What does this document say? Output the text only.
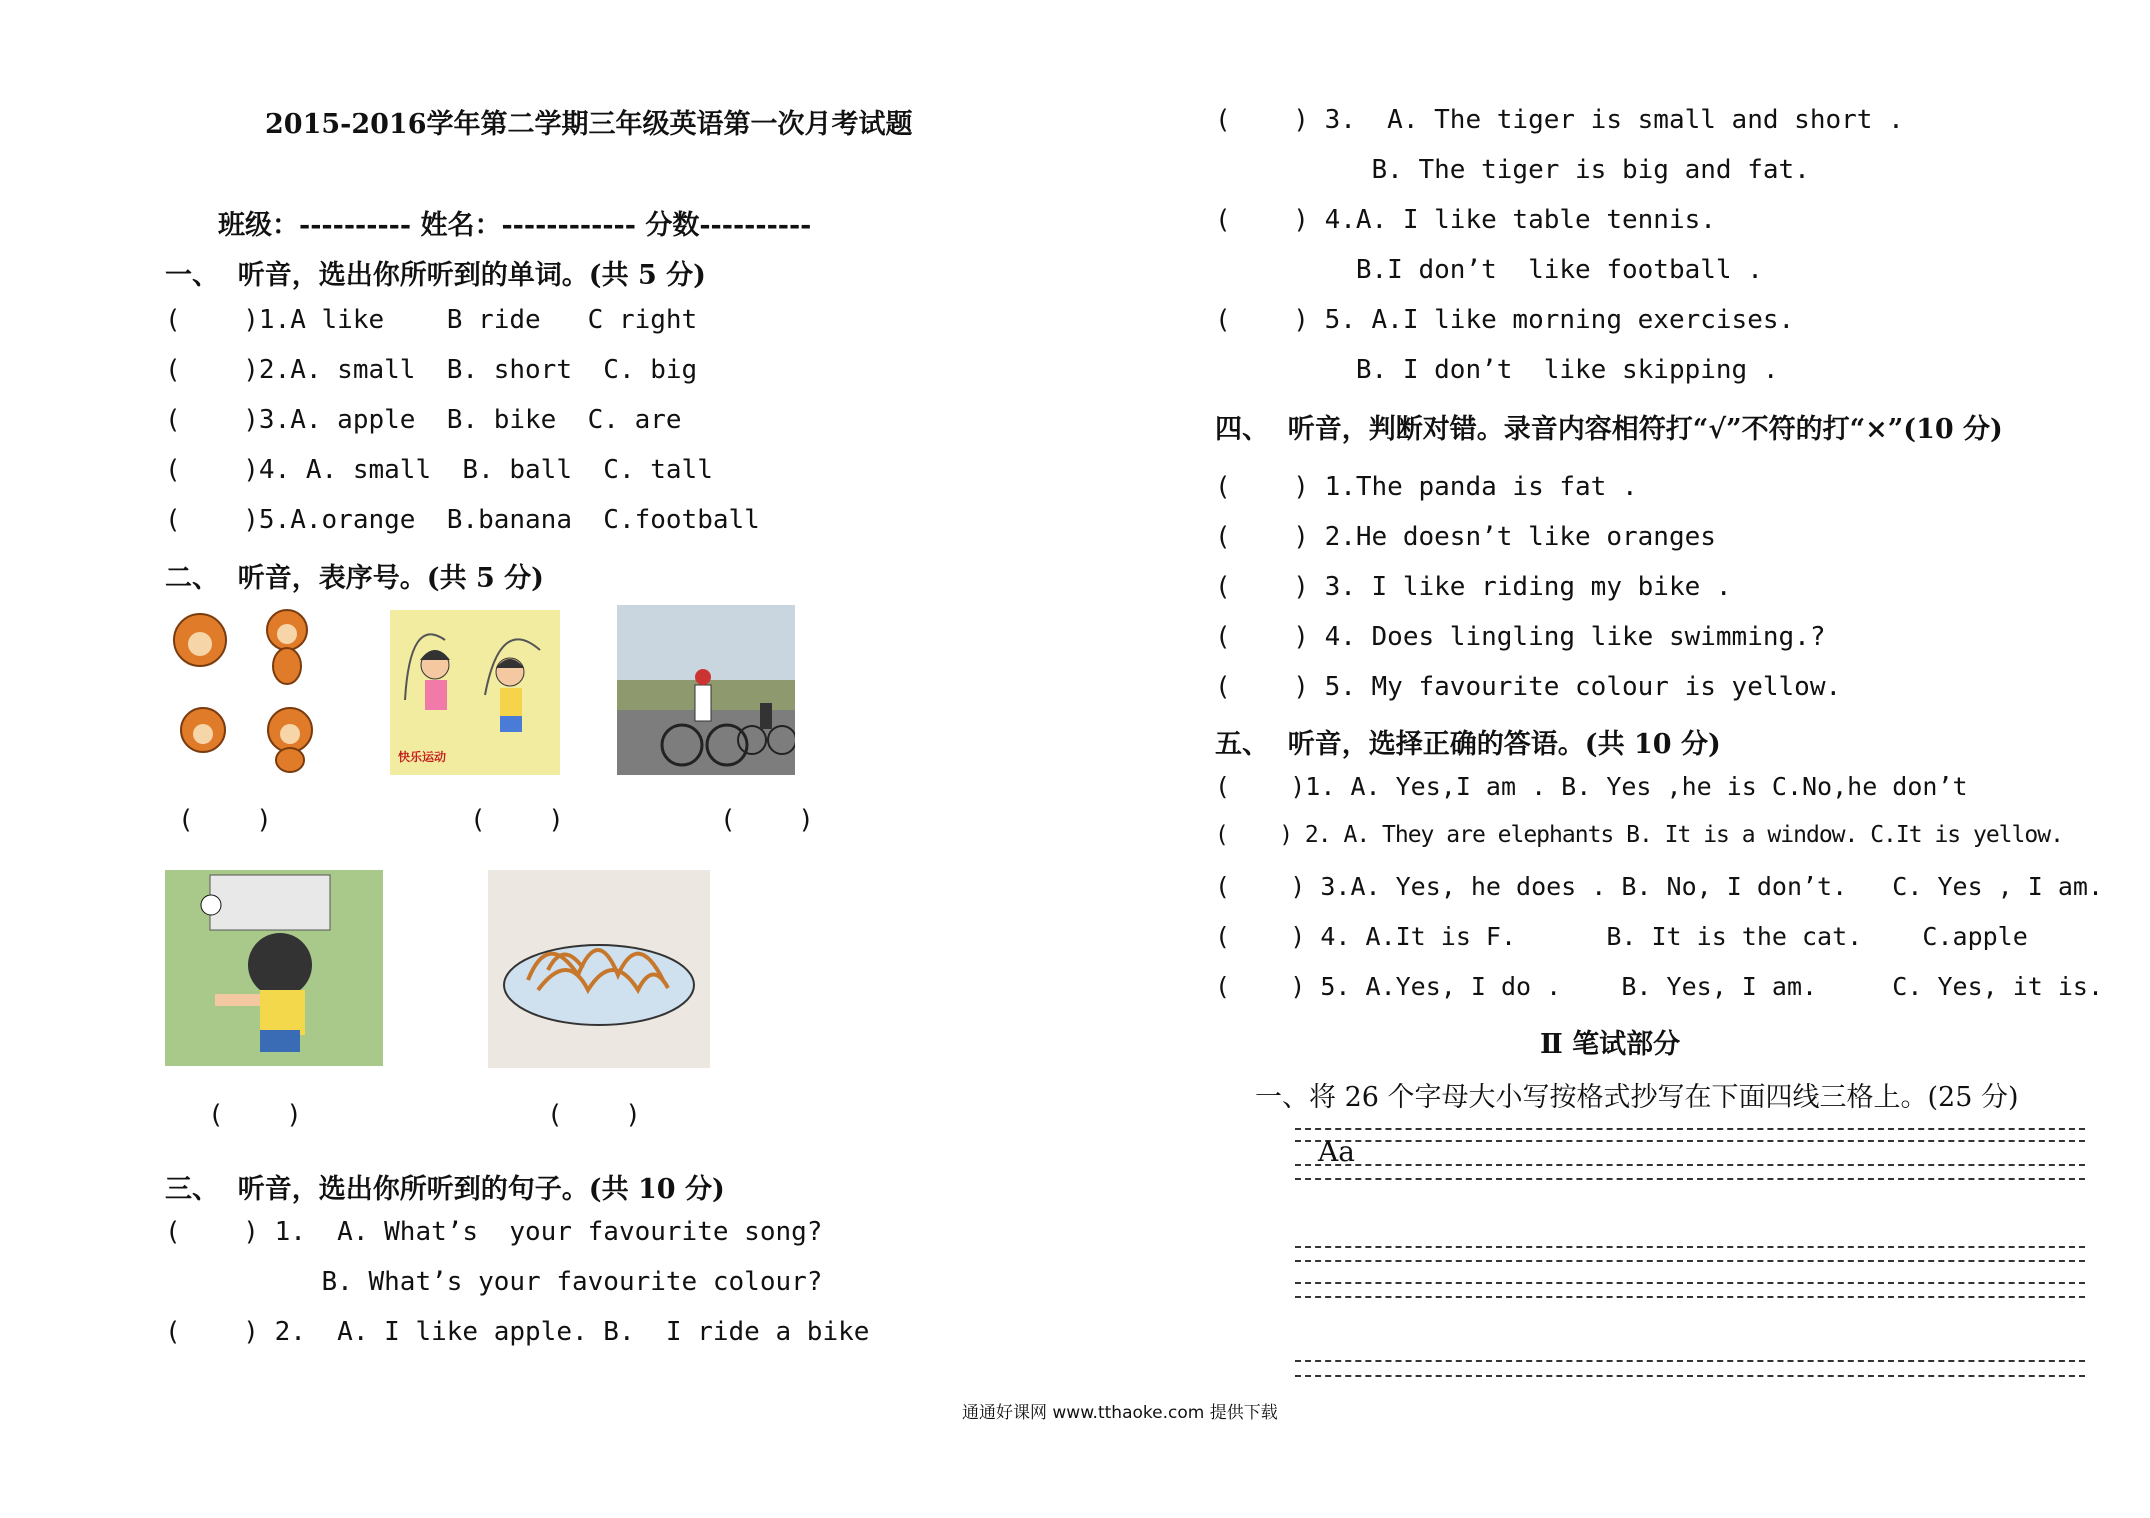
2015-2016学年第二学期三年级英语第一次月考试题
班级：---------- 姓名：------------ 分数----------
一、  听音，选出你所听到的单词。(共 5 分)
(    )1.A like    B ride   C right
(    )2.A. small  B. short  C. big
(    )3.A. apple  B. bike  C. are
(    )4. A. small  B. ball  C. tall
(    )5.A.orange  B.banana  C.football
二、  听音，表序号。(共 5 分)
快乐运动
(    )	(    )	(    )
(    )	(    )
三、  听音，选出你所听到的句子。(共 10 分)
(    ) 1.  A. What’s  your favourite song?
B. What’s your favourite colour?
(    ) 2.  A. I like apple. B.  I ride a bike
(    ) 3.  A. The tiger is small and short .
B. The tiger is big and fat.
(    ) 4.A. I like table tennis.
B.I don’t  like football .
(    ) 5. A.I like morning exercises.
B. I don’t  like skipping .
四、  听音，判断对错。录音内容相符打“√”不符的打“×”(10 分)
(    ) 1.The panda is fat .
(    ) 2.He doesn’t like oranges
(    ) 3. I like riding my bike .
(    ) 4. Does lingling like swimming.?
(    ) 5. My favourite colour is yellow.
五、  听音，选择正确的答语。(共 10 分)
(    )1. A. Yes,I am . B. Yes ,he is C.No,he don’t
(    ) 2. A. They are elephants B. It is a window. C.It is yellow.
(    ) 3.A. Yes, he does . B. No, I don’t.   C. Yes , I am.
(    ) 4. A.It is F.      B. It is the cat.    C.apple
(    ) 5. A.Yes, I do .    B. Yes, I am.     C. Yes, it is.
Ⅱ 笔试部分
一、将 26 个字母大小写按格式抄写在下面四线三格上。(25 分)
Aa
通通好课网 www.tthaoke.com 提供下载
